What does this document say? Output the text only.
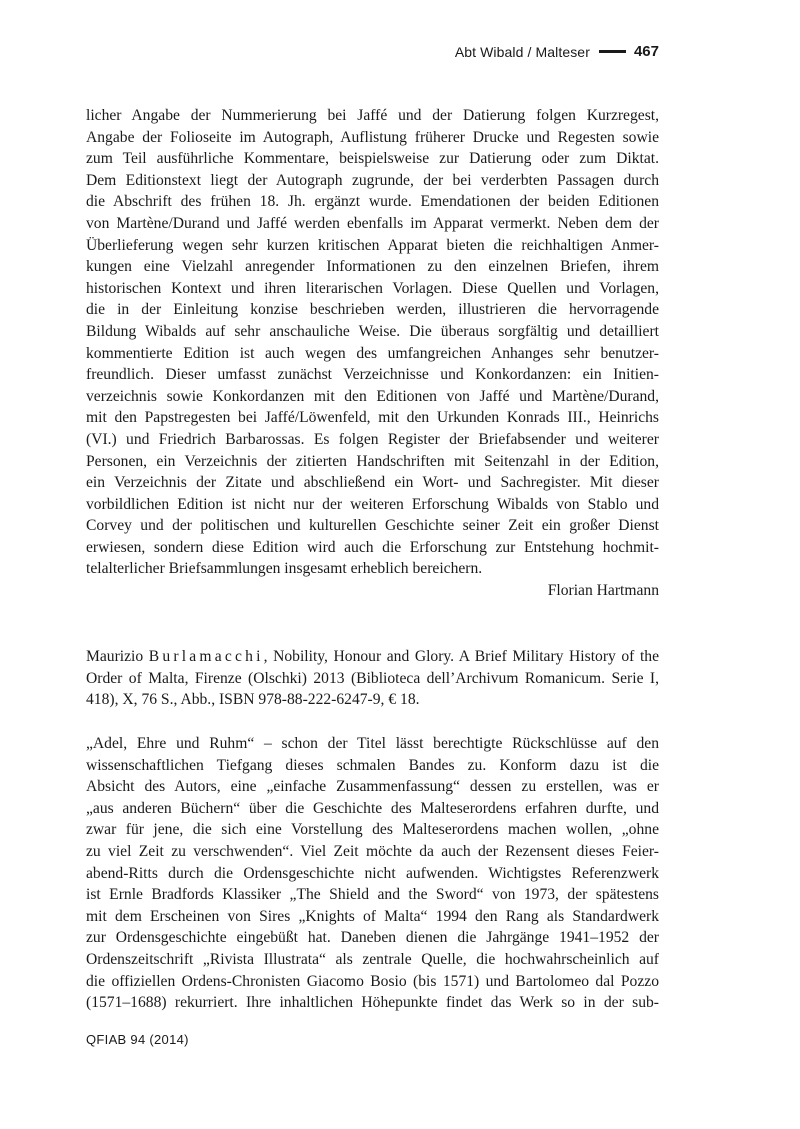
Abt Wibald / Malteser	467

licher Angabe der Nummerierung bei Jaffé und der Datierung folgen Kurzregest,
Angabe der Folioseite im Autograph, Auflistung früherer Drucke und Regesten sowie
zum Teil ausführliche Kommentare, beispielsweise zur Datierung oder zum Diktat.
Dem Editionstext liegt der Autograph zugrunde, der bei verderbten Passagen durch
die Abschrift des frühen 18. Jh. ergänzt wurde. Emendationen der beiden Editionen
von Martène/Durand und Jaffé werden ebenfalls im Apparat vermerkt. Neben dem der
Überlieferung wegen sehr kurzen kritischen Apparat bieten die reichhaltigen Anmer-
kungen eine Vielzahl anregender Informationen zu den einzelnen Briefen, ihrem
historischen Kontext und ihren literarischen Vorlagen. Diese Quellen und Vorlagen,
die in der Einleitung konzise beschrieben werden, illustrieren die hervorragende
Bildung Wibalds auf sehr anschauliche Weise. Die überaus sorgfältig und detailliert
kommentierte Edition ist auch wegen des umfangreichen Anhanges sehr benutzer-
freundlich. Dieser umfasst zunächst Verzeichnisse und Konkordanzen: ein Initien-
verzeichnis sowie Konkordanzen mit den Editionen von Jaffé und Martène/Durand,
mit den Papstregesten bei Jaffé/Löwenfeld, mit den Urkunden Konrads III., Heinrichs
(VI.) und Friedrich Barbarossas. Es folgen Register der Briefabsender und weiterer
Personen, ein Verzeichnis der zitierten Handschriften mit Seitenzahl in der Edition,
ein Verzeichnis der Zitate und abschließend ein Wort- und Sachregister. Mit dieser
vorbildlichen Edition ist nicht nur der weiteren Erforschung Wibalds von Stablo und
Corvey und der politischen und kulturellen Geschichte seiner Zeit ein großer Dienst
erwiesen, sondern diese Edition wird auch die Erforschung zur Entstehung hochmit-
telalterlicher Briefsammlungen insgesamt erheblich bereichern.

Florian Hartmann
Maurizio Burlamacchi, Nobility, Honour and Glory. A Brief Military History of the
Order of Malta, Firenze (Olschki) 2013 (Biblioteca dell’Archivum Romanicum. Serie I,
418), X, 76 S., Abb., ISBN 978-88-222-6247-9, € 18.

„Adel, Ehre und Ruhm“ – schon der Titel lässt berechtigte Rückschlüsse auf den
wissenschaftlichen Tiefgang dieses schmalen Bandes zu. Konform dazu ist die
Absicht des Autors, eine „einfache Zusammenfassung“ dessen zu erstellen, was er
„aus anderen Büchern“ über die Geschichte des Malteserordens erfahren durfte, und
zwar für jene, die sich eine Vorstellung des Malteserordens machen wollen, „ohne
zu viel Zeit zu verschwenden“. Viel Zeit möchte da auch der Rezensent dieses Feier-
abend-Ritts durch die Ordensgeschichte nicht aufwenden. Wichtigstes Referenzwerk
ist Ernle Bradfords Klassiker „The Shield and the Sword“ von 1973, der spätestens
mit dem Erscheinen von Sires „Knights of Malta“ 1994 den Rang als Standardwerk
zur Ordensgeschichte eingebüßt hat. Daneben dienen die Jahrgänge 1941–1952 der
Ordenszeitschrift „Rivista Illustrata“ als zentrale Quelle, die hochwahrscheinlich auf
die offiziellen Ordens-Chronisten Giacomo Bosio (bis 1571) und Bartolomeo dal Pozzo
(1571–1688) rekurriert. Ihre inhaltlichen Höhepunkte findet das Werk so in der sub-

QFIAB 94 (2014)
